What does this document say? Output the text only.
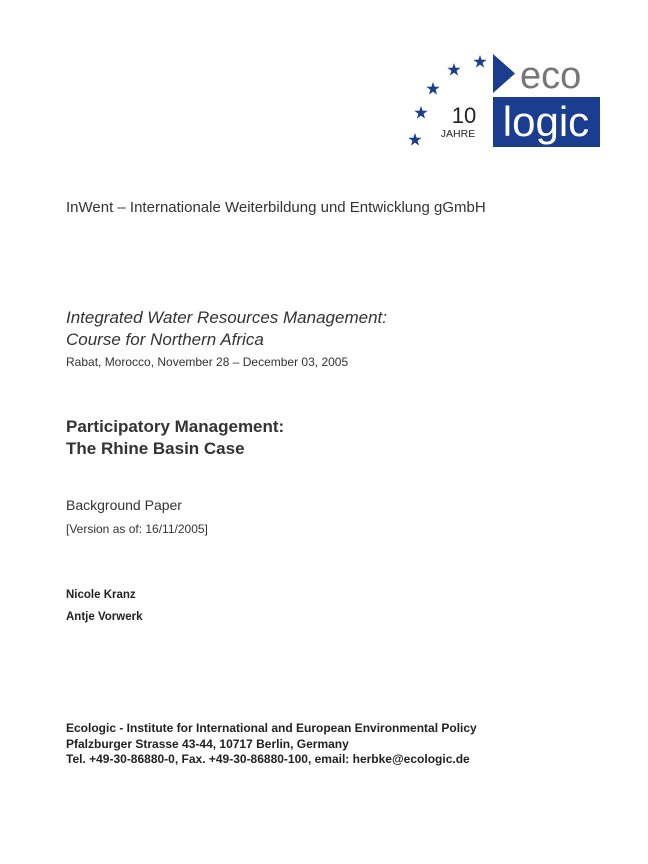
10
JAHRE
eco
logic
InWent – Internationale Weiterbildung und Entwicklung gGmbH
Integrated Water Resources Management:
Course for Northern Africa
Rabat, Morocco, November 28 – December 03, 2005
Participatory Management:
The Rhine Basin Case
Background Paper
[Version as of: 16/11/2005]
Nicole Kranz
Antje Vorwerk
Ecologic - Institute for International and European Environmental Policy
Pfalzburger Strasse 43-44, 10717 Berlin, Germany
Tel. +49-30-86880-0, Fax. +49-30-86880-100, email: herbke@ecologic.de
